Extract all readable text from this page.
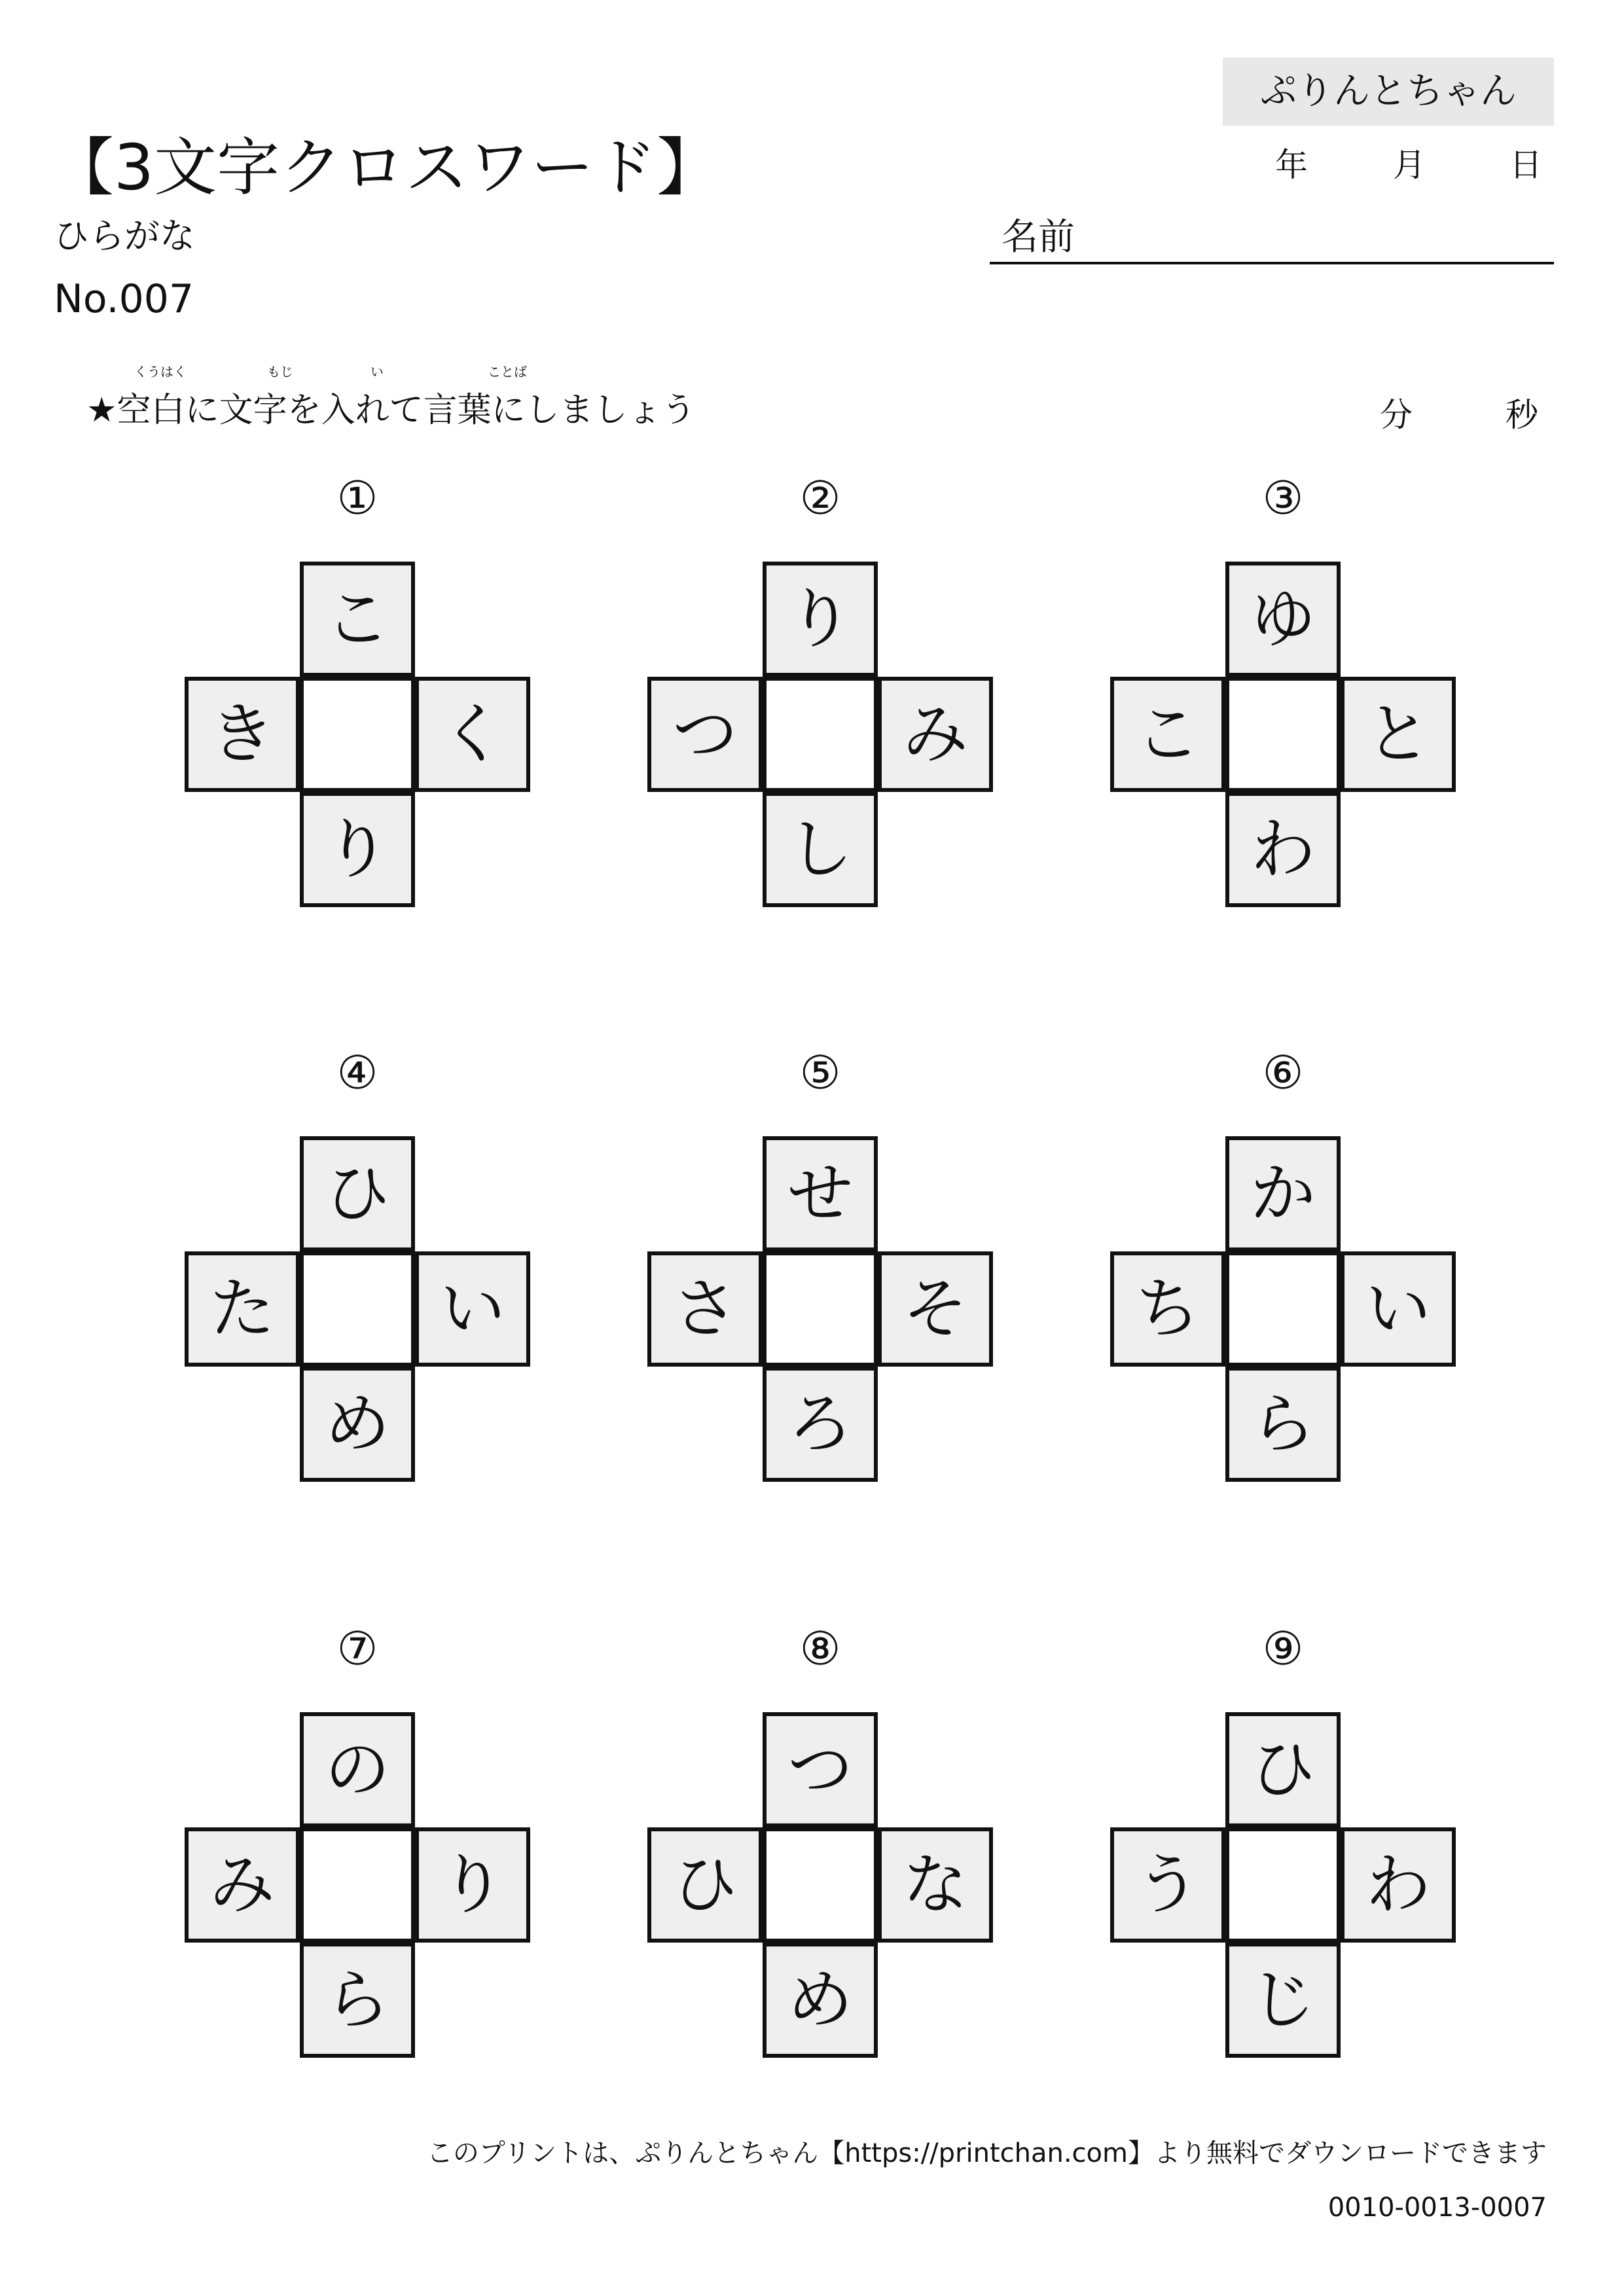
ぷりんとちゃん
年	月	日
【3文字クロスワード】
ひらがな
No.007
名前
くうはく	もじ	い	ことば
★空白に文字を入れて言葉にしましょう	分	秒
①
こ
き	く
り
②
り
つ	み
し
③
ゆ
こ	と
わ
④
ひ
た	い
め
⑤
せ
さ	そ
ろ
⑥
か
ち	い
ら
⑦
の
み	り
ら
⑧
つ
ひ	な
め
⑨
ひ
う	わ
じ
このプリントは、ぷりんとちゃん【https://printchan.com】より無料でダウンロードできます
0010-0013-0007
